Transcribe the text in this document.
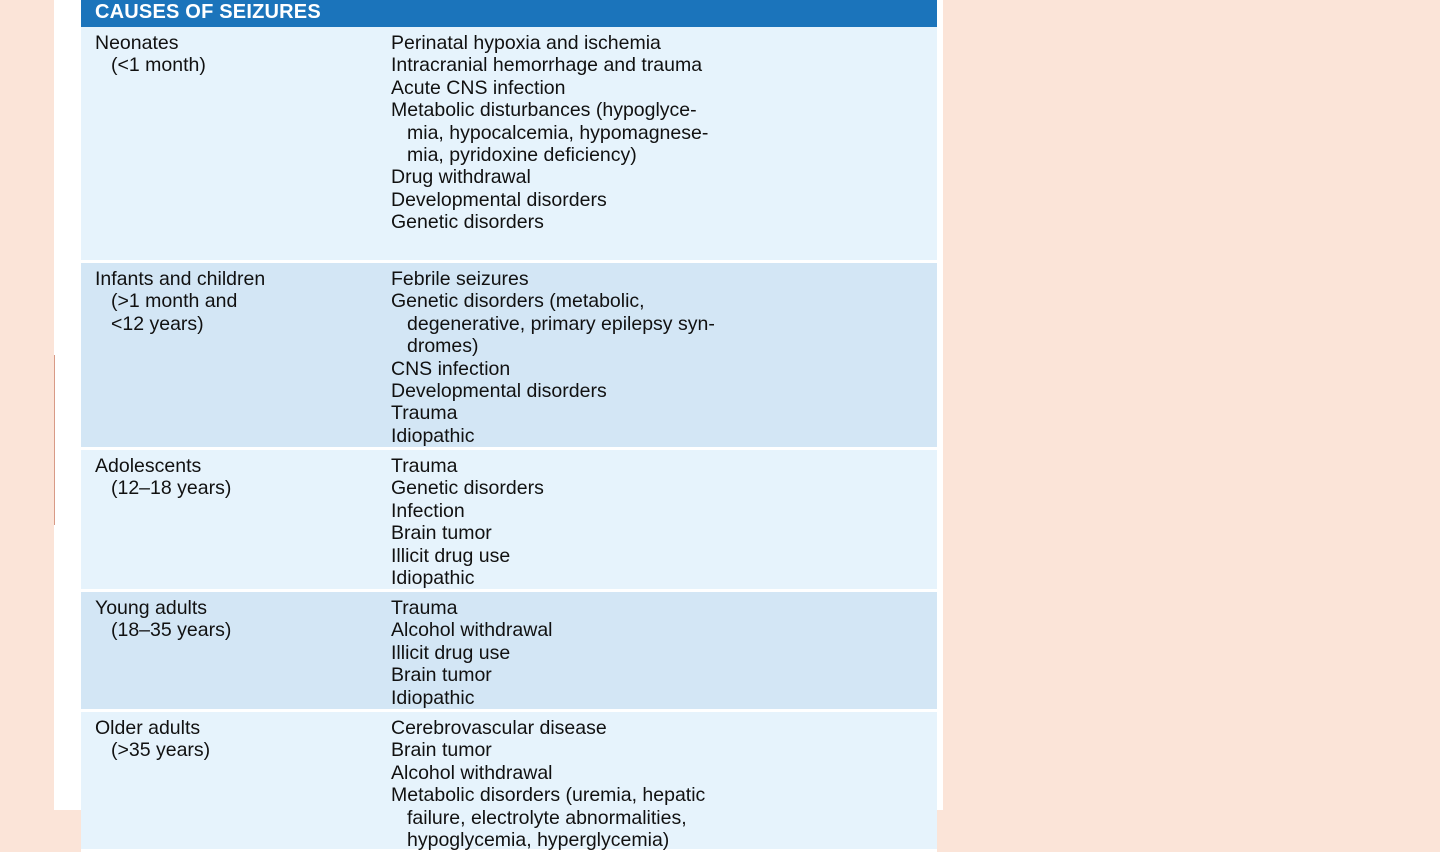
CAUSES OF SEIZURES
Neonates
(<1 month)
Perinatal hypoxia and ischemia
Intracranial hemorrhage and trauma
Acute CNS infection
Metabolic disturbances (hypoglyce-
mia, hypocalcemia, hypomagnese-
mia, pyridoxine deficiency)
Drug withdrawal
Developmental disorders
Genetic disorders
Infants and children
(>1 month and
<12 years)
Febrile seizures
Genetic disorders (metabolic,
degenerative, primary epilepsy syn-
dromes)
CNS infection
Developmental disorders
Trauma
Idiopathic
Adolescents
(12–18 years)
Trauma
Genetic disorders
Infection
Brain tumor
Illicit drug use
Idiopathic
Young adults
(18–35 years)
Trauma
Alcohol withdrawal
Illicit drug use
Brain tumor
Idiopathic
Older adults
(>35 years)
Cerebrovascular disease
Brain tumor
Alcohol withdrawal
Metabolic disorders (uremia, hepatic
failure, electrolyte abnormalities,
hypoglycemia, hyperglycemia)
